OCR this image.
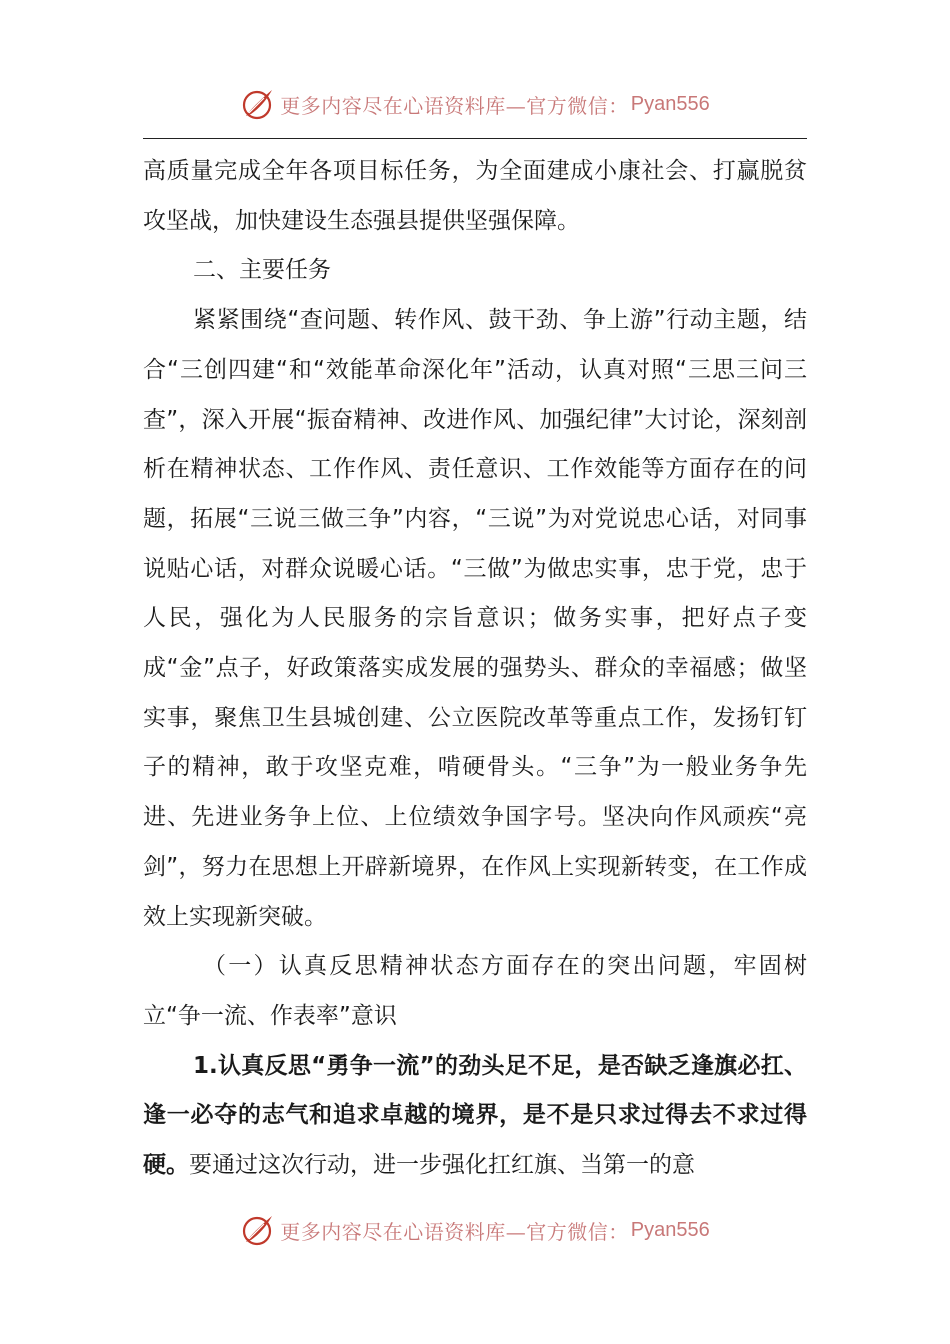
更多内容尽在心语资料库—官方微信： Pyan556

高质量完成全年各项目标任务，为全面建成小康社会、打赢脱贫攻坚战，加快建设生态强县提供坚强保障。

二、主要任务

紧紧围绕“查问题、转作风、鼓干劲、争上游”行动主题，结合“三创四建“和“效能革命深化年”活动，认真对照“三思三问三查”，深入开展“振奋精神、改进作风、加强纪律”大讨论，深刻剖析在精神状态、工作作风、责任意识、工作效能等方面存在的问题，拓展“三说三做三争”内容，“三说”为对党说忠心话，对同事说贴心话，对群众说暖心话。“三做”为做忠实事，忠于党，忠于人民，强化为人民服务的宗旨意识；做务实事，把好点子变成“金”点子，好政策落实成发展的强势头、群众的幸福感；做坚实事，聚焦卫生县城创建、公立医院改革等重点工作，发扬钉钉子的精神，敢于攻坚克难，啃硬骨头。“三争”为一般业务争先进、先进业务争上位、上位绩效争国字号。坚决向作风顽疾“亮剑”，努力在思想上开辟新境界，在作风上实现新转变，在工作成效上实现新突破。

（一）认真反思精神状态方面存在的突出问题，牢固树立“争一流、作表率”意识

1.认真反思“勇争一流”的劲头足不足，是否缺乏逢旗必扛、逢一必夺的志气和追求卓越的境界，是不是只求过得去不求过得硬。要通过这次行动，进一步强化扛红旗、当第一的意

更多内容尽在心语资料库—官方微信： Pyan556
